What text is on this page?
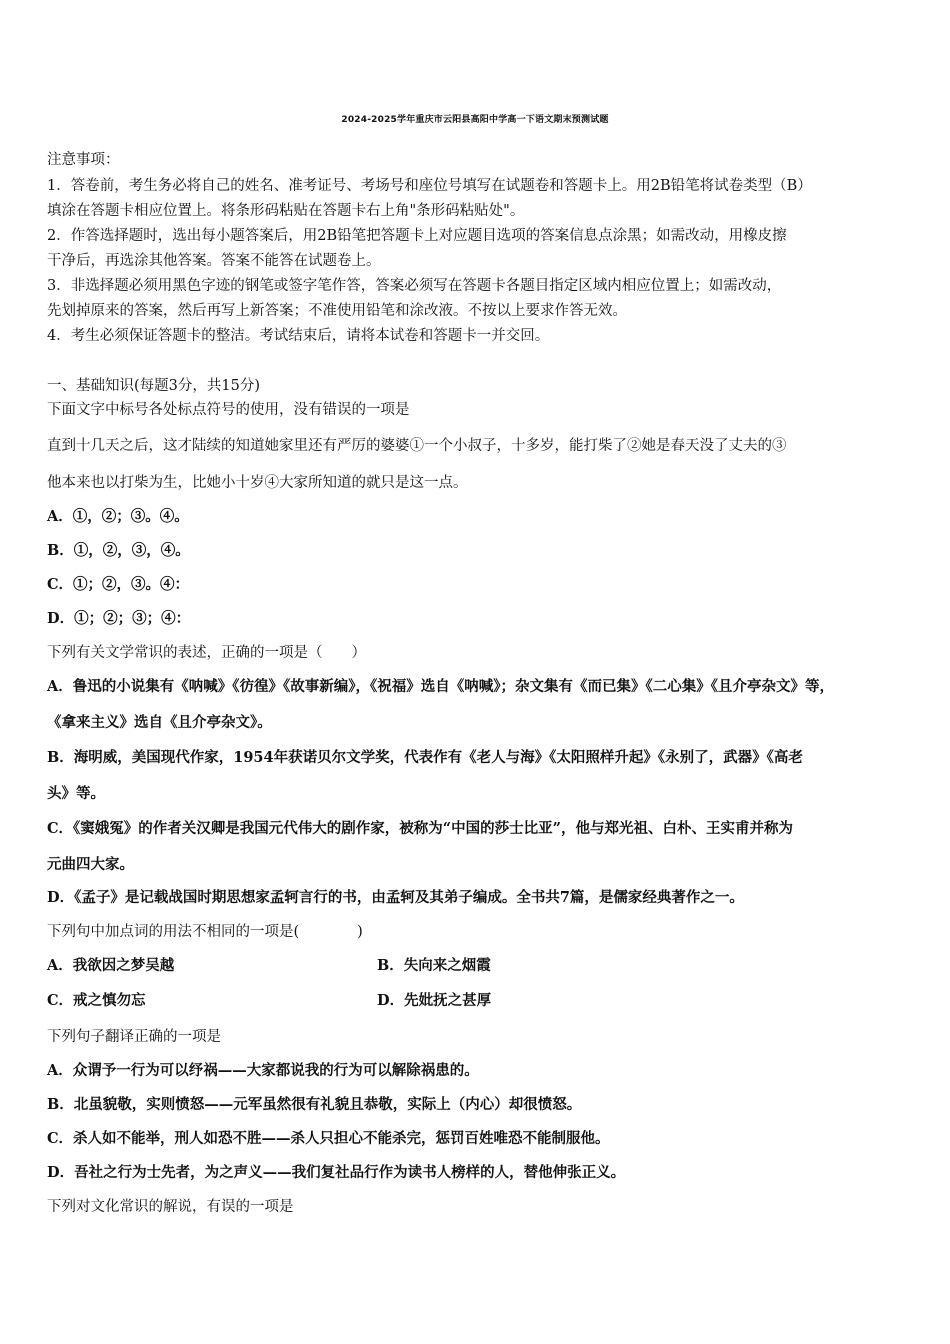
2024-2025学年重庆市云阳县高阳中学高一下语文期末预测试题
注意事项：
1．答卷前，考生务必将自己的姓名、准考证号、考场号和座位号填写在试题卷和答题卡上。用2B铅笔将试卷类型（B）
填涂在答题卡相应位置上。将条形码粘贴在答题卡右上角"条形码粘贴处"。
2．作答选择题时，选出每小题答案后，用2B铅笔把答题卡上对应题目选项的答案信息点涂黑；如需改动，用橡皮擦
干净后，再选涂其他答案。答案不能答在试题卷上。
3．非选择题必须用黑色字迹的钢笔或签字笔作答，答案必须写在答题卡各题目指定区域内相应位置上；如需改动，
先划掉原来的答案，然后再写上新答案；不准使用铅笔和涂改液。不按以上要求作答无效。
4．考生必须保证答题卡的整洁。考试结束后，请将本试卷和答题卡一并交回。
一、基础知识(每题3分，共15分)
下面文字中标号各处标点符号的使用，没有错误的一项是
直到十几天之后，这才陆续的知道她家里还有严厉的婆婆①一个小叔子，十多岁，能打柴了②她是春天没了丈夫的③
他本来也以打柴为生，比她小十岁④大家所知道的就只是这一点。
A．①，②；③。④。
B．①，②，③，④。
C．①；②，③。④：
D．①；②；③；④：
下列有关文学常识的表述，正确的一项是（　　）
A．鲁迅的小说集有《呐喊》《彷徨》《故事新编》，《祝福》选自《呐喊》；杂文集有《而已集》《二心集》《且介亭杂文》等，
《拿来主义》选自《且介亭杂文》。
B．海明威，美国现代作家，1954年获诺贝尔文学奖，代表作有《老人与海》《太阳照样升起》《永别了，武器》《高老
头》等。
C．《窦娥冤》的作者关汉卿是我国元代伟大的剧作家，被称为“中国的莎士比亚”，他与郑光祖、白朴、王实甫并称为
元曲四大家。
D．《孟子》是记载战国时期思想家孟轲言行的书，由孟轲及其弟子编成。全书共7篇，是儒家经典著作之一。
下列句中加点词的用法不相同的一项是(　　　　)
A．我欲因之梦吴越	B．失向来之烟霞
C．戒之慎勿忘	D．先妣抚之甚厚
下列句子翻译正确的一项是
A．众谓予一行为可以纾祸——大家都说我的行为可以解除祸患的。
B．北虽貌敬，实则愤怒——元军虽然很有礼貌且恭敬，实际上（内心）却很愤怒。
C．杀人如不能举，刑人如恐不胜——杀人只担心不能杀完，惩罚百姓唯恐不能制服他。
D．吾社之行为士先者，为之声义——我们复社品行作为读书人榜样的人，替他伸张正义。
下列对文化常识的解说，有误的一项是
